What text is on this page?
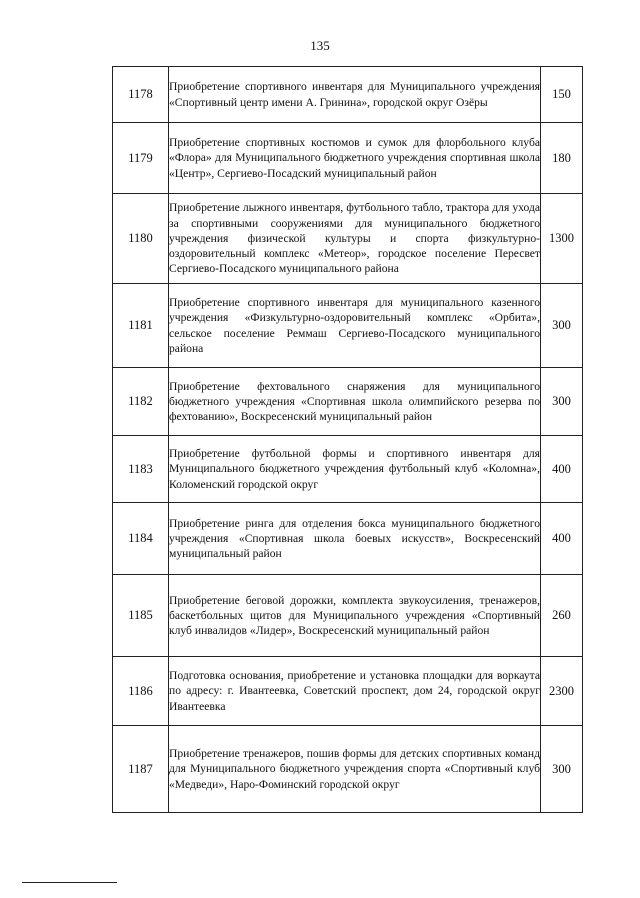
135
1178	Приобретение спортивного инвентаря для Муниципального учреждения «Спортивный центр имени А. Гринина», городской округ Озёры	150
1179	Приобретение спортивных костюмов и сумок для флорбольного клуба «Флора» для Муниципального бюджетного учреждения спортивная школа «Центр», Сергиево-Посадский муниципальный район	180
1180	Приобретение лыжного инвентаря, футбольного табло, трактора для ухода за спортивными сооружениями для муниципального бюджетного учреждения физической культуры и спорта физкультурно-оздоровительный комплекс «Метеор», городское поселение Пересвет Сергиево-Посадского муниципального района	1300
1181	Приобретение спортивного инвентаря для муниципального казенного учреждения «Физкультурно-оздоровительный комплекс «Орбита», сельское поселение Реммаш Сергиево-Посадского муниципального района	300
1182	Приобретение фехтовального снаряжения для муниципального бюджетного учреждения «Спортивная школа олимпийского резерва по фехтованию», Воскресенский муниципальный район	300
1183	Приобретение футбольной формы и спортивного инвентаря для Муниципального бюджетного учреждения футбольный клуб «Коломна», Коломенский городской округ	400
1184	Приобретение ринга для отделения бокса муниципального бюджетного учреждения «Спортивная школа боевых искусств», Воскресенский муниципальный район	400
1185	Приобретение беговой дорожки, комплекта звукоусиления, тренажеров, баскетбольных щитов для Муниципального учреждения «Спортивный клуб инвалидов «Лидер», Воскресенский муниципальный район	260
1186	Подготовка основания, приобретение и установка площадки для воркаута по адресу: г. Ивантеевка, Советский проспект, дом 24, городской округ Ивантеевка	2300
1187	Приобретение тренажеров, пошив формы для детских спортивных команд для Муниципального бюджетного учреждения спорта «Спортивный клуб «Медведи», Наро-Фоминский городской округ	300
